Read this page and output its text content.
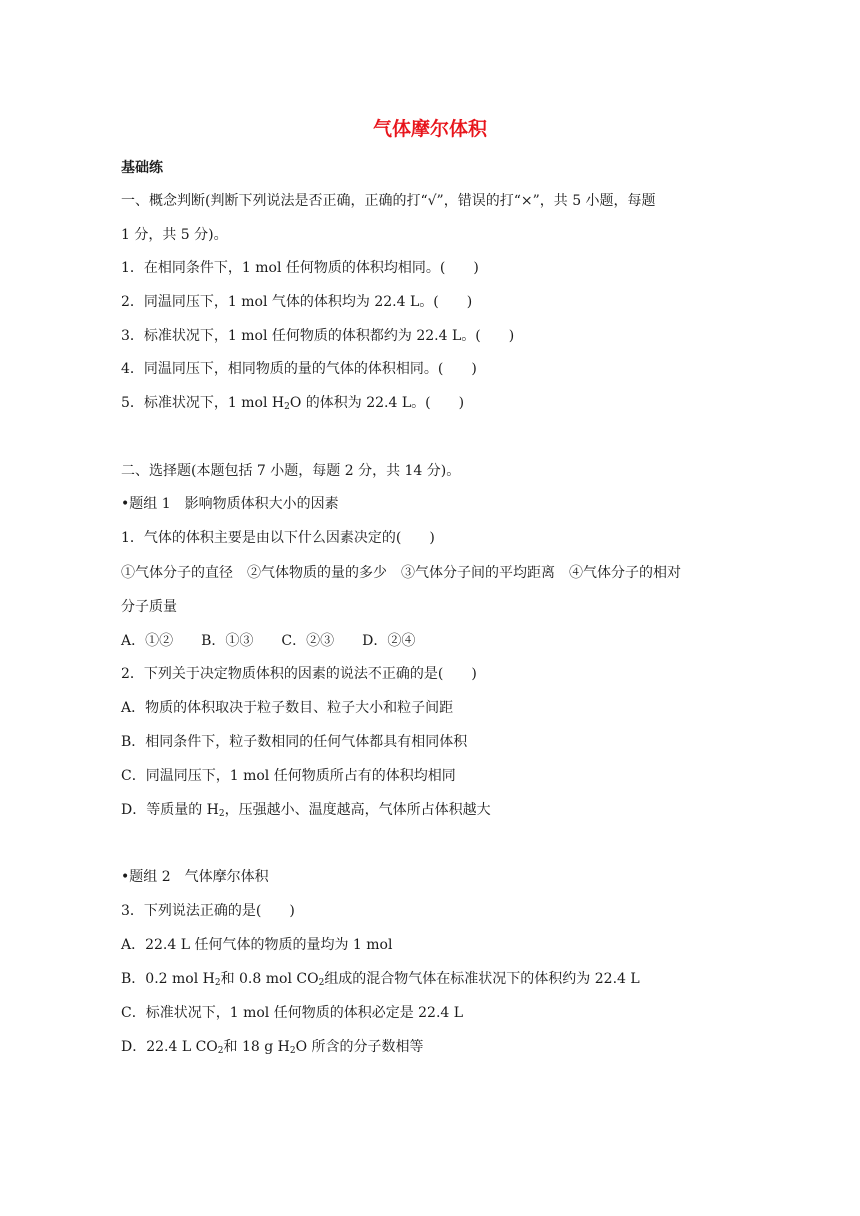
气体摩尔体积
基础练
一、概念判断(判断下列说法是否正确，正确的打“√”，错误的打“×”，共 5 小题，每题
1 分，共 5 分)。
1．在相同条件下，1 mol 任何物质的体积均相同。(　　)
2．同温同压下，1 mol 气体的体积均为 22.4 L。(　　)
3．标准状况下，1 mol 任何物质的体积都约为 22.4 L。(　　)
4．同温同压下，相同物质的量的气体的体积相同。(　　)
5．标准状况下，1 mol $H_2O$ 的体积为 22.4 L。(　　)
二、选择题(本题包括 7 小题，每题 2 分，共 14 分)。
•题组 1　影响物质体积大小的因素
1．气体的体积主要是由以下什么因素决定的(　　)
①气体分子的直径　②气体物质的量的多少　③气体分子间的平均距离　④气体分子的相对
分子质量
A．①②　　B．①③　　C．②③　　D．②④
2．下列关于决定物质体积的因素的说法不正确的是(　　)
A．物质的体积取决于粒子数目、粒子大小和粒子间距
B．相同条件下，粒子数相同的任何气体都具有相同体积
C．同温同压下，1 mol 任何物质所占有的体积均相同
D．等质量的 $H_2$，压强越小、温度越高，气体所占体积越大
•题组 2　气体摩尔体积
3．下列说法正确的是(　　)
A．22.4 L 任何气体的物质的量均为 1 mol
B．0.2 mol $H_2$和 0.8 mol $CO_2$组成的混合物气体在标准状况下的体积约为 22.4 L
C．标准状况下，1 mol 任何物质的体积必定是 22.4 L
D．22.4 L $CO_2$和 18 g $H_2O$ 所含的分子数相等
